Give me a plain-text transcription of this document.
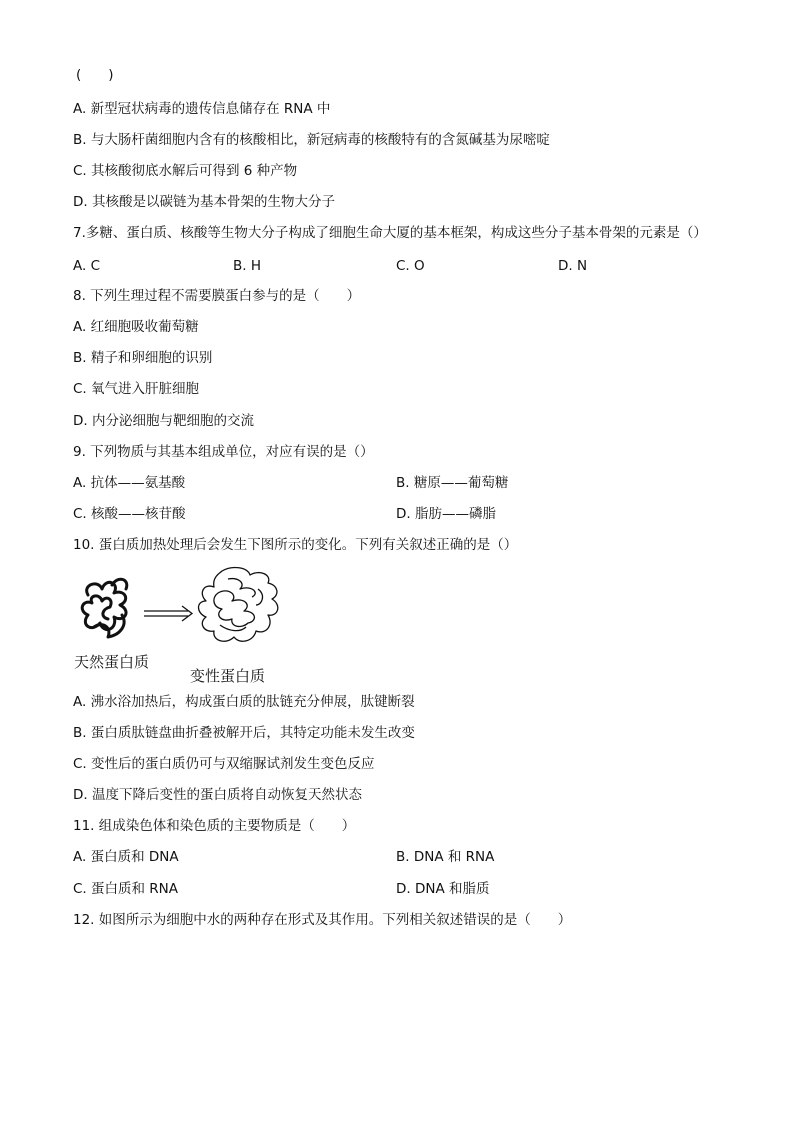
(　　)
A. 新型冠状病毒的遗传信息储存在 RNA 中
B. 与大肠杆菌细胞内含有的核酸相比，新冠病毒的核酸特有的含氮碱基为尿嘧啶
C. 其核酸彻底水解后可得到 6 种产物
D. 其核酸是以碳链为基本骨架的生物大分子
7.多糖、蛋白质、核酸等生物大分子构成了细胞生命大厦的基本框架，构成这些分子基本骨架的元素是（）
A. C	B. H	C. O	D. N
8. 下列生理过程不需要膜蛋白参与的是（　　）
A. 红细胞吸收葡萄糖
B. 精子和卵细胞的识别
C. 氧气进入肝脏细胞
D. 内分泌细胞与靶细胞的交流
9. 下列物质与其基本组成单位，对应有误的是（）
A. 抗体——氨基酸	B. 糖原——葡萄糖
C. 核酸——核苷酸	D. 脂肪——磷脂
10. 蛋白质加热处理后会发生下图所示的变化。下列有关叙述正确的是（）
天然蛋白质
变性蛋白质
A. 沸水浴加热后，构成蛋白质的肽链充分伸展，肽键断裂
B. 蛋白质肽链盘曲折叠被解开后，其特定功能未发生改变
C. 变性后的蛋白质仍可与双缩脲试剂发生变色反应
D. 温度下降后变性的蛋白质将自动恢复天然状态
11. 组成染色体和染色质的主要物质是（　　）
A. 蛋白质和 DNA	B. DNA 和 RNA
C. 蛋白质和 RNA	D. DNA 和脂质
12. 如图所示为细胞中水的两种存在形式及其作用。下列相关叙述错误的是（　　）
